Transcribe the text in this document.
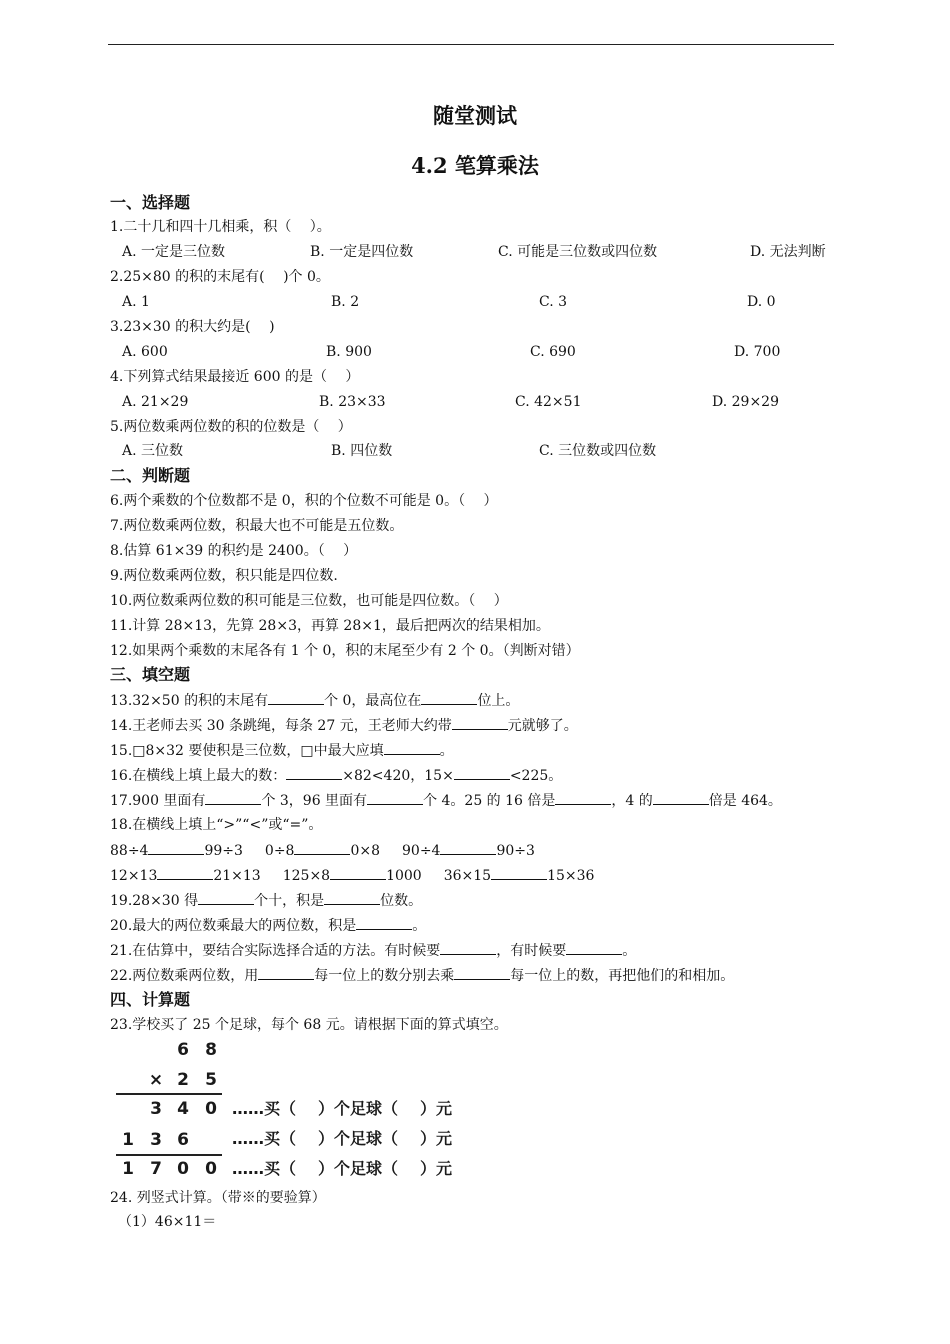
随堂测试
4.2 笔算乘法
一、选择题
1.二十几和四十几相乘，积（　 ）。
A. 一定是三位数	B. 一定是四位数	C. 可能是三位数或四位数	D. 无法判断
2.25×80 的积的末尾有(　 )个 0。
A. 1	B. 2	C. 3	D. 0
3.23×30 的积大约是(　 )
A. 600	B. 900	C. 690	D. 700
4.下列算式结果最接近 600 的是（　 ）
A. 21×29	B. 23×33	C. 42×51	D. 29×29
5.两位数乘两位数的积的位数是（　 ）
A. 三位数	B. 四位数	C. 三位数或四位数
二、判断题
6.两个乘数的个位数都不是 0，积的个位数不可能是 0。（　 ）
7.两位数乘两位数，积最大也不可能是五位数。
8.估算 61×39 的积约是 2400。（　 ）
9.两位数乘两位数，积只能是四位数.
10.两位数乘两位数的积可能是三位数，也可能是四位数。（　 ）
11.计算 28×13，先算 28×3，再算 28×1，最后把两次的结果相加。
12.如果两个乘数的末尾各有 1 个 0，积的末尾至少有 2 个 0。（判断对错）
三、填空题
13.32×50 的积的末尾有	个 0，最高位在	位上。
14.王老师去买 30 条跳绳，每条 27 元，王老师大约带	元就够了。
15.□8×32 要使积是三位数，□中最大应填	。
16.在横线上填上最大的数：	×82<420，15×	<225。
17.900 里面有	个 3，96 里面有	个 4。25 的 16 倍是	，4 的	倍是 464。
18.在横线上填上“>”“<”或“=”。
88÷4	99÷3 0÷8	0×8 90÷4	90÷3
12×13	21×13 125×8	1000 36×15	15×36
19.28×30 得	个十，积是	位数。
20.最大的两位数乘最大的两位数，积是	。
21.在估算中，要结合实际选择合适的方法。有时候要	，有时候要	。
22.两位数乘两位数，用	每一位上的数分别去乘	每一位上的数，再把他们的和相加。
四、计算题
23.学校买了 25 个足球，每个 68 元。请根据下面的算式填空。
6 8
× 2 5
3 4 0 ……买（ ）个足球（ ）元
1 3 6	……买（ ）个足球（ ）元
1 7 0 0 ……买（ ）个足球（ ）元
24. 列竖式计算。（带※的要验算）
（1）46×11＝
